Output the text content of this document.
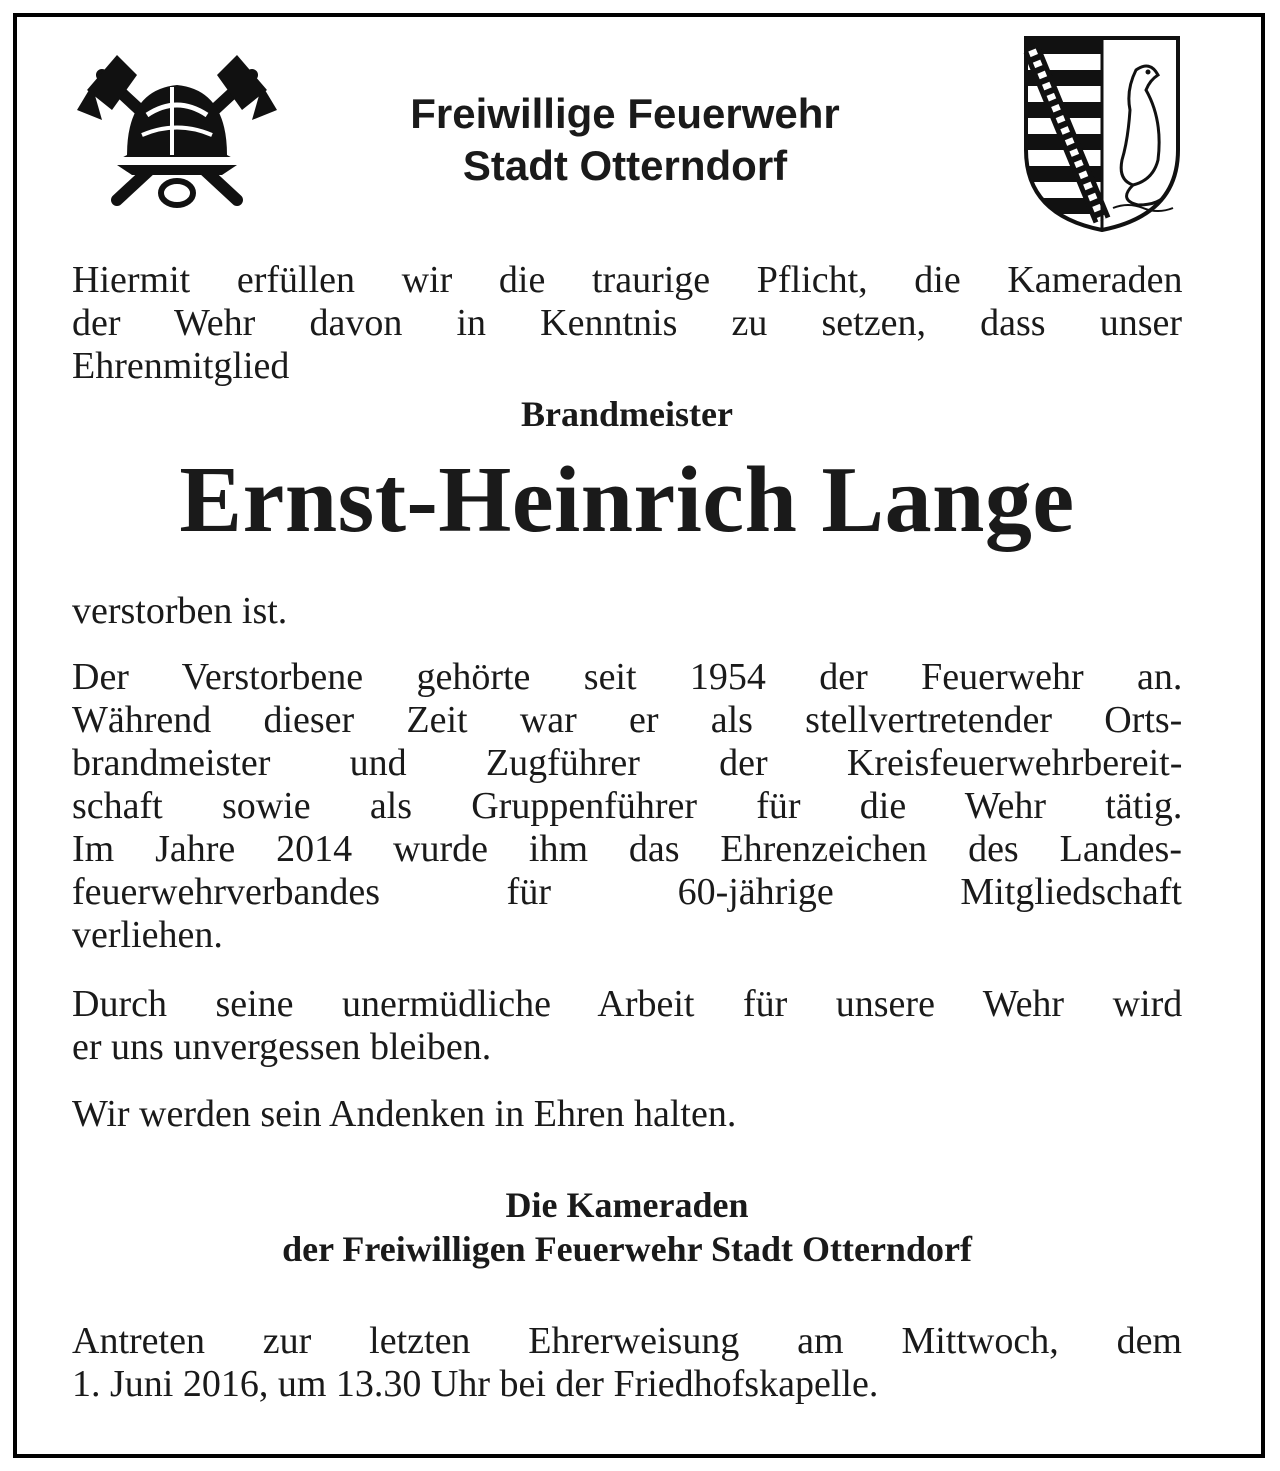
Freiwillige Feuerwehr
Stadt Otterndorf
Hiermit erfüllen wir die traurige Pflicht, die Kameraden
der Wehr davon in Kenntnis zu setzen, dass unser
Ehrenmitglied
Brandmeister
Ernst-Heinrich Lange
verstorben ist.
Der Verstorbene gehörte seit 1954 der Feuerwehr an.
Während dieser Zeit war er als stellvertretender Orts-
brandmeister und Zugführer der Kreisfeuerwehrbereit-
schaft sowie als Gruppenführer für die Wehr tätig.
Im Jahre 2014 wurde ihm das Ehrenzeichen des Landes-
feuerwehrverbandes für 60-jährige Mitgliedschaft
verliehen.
Durch seine unermüdliche Arbeit für unsere Wehr wird
er uns unvergessen bleiben.
Wir werden sein Andenken in Ehren halten.
Die Kameraden
der Freiwilligen Feuerwehr Stadt Otterndorf
Antreten zur letzten Ehrerweisung am Mittwoch, dem
1. Juni 2016, um 13.30 Uhr bei der Friedhofskapelle.
